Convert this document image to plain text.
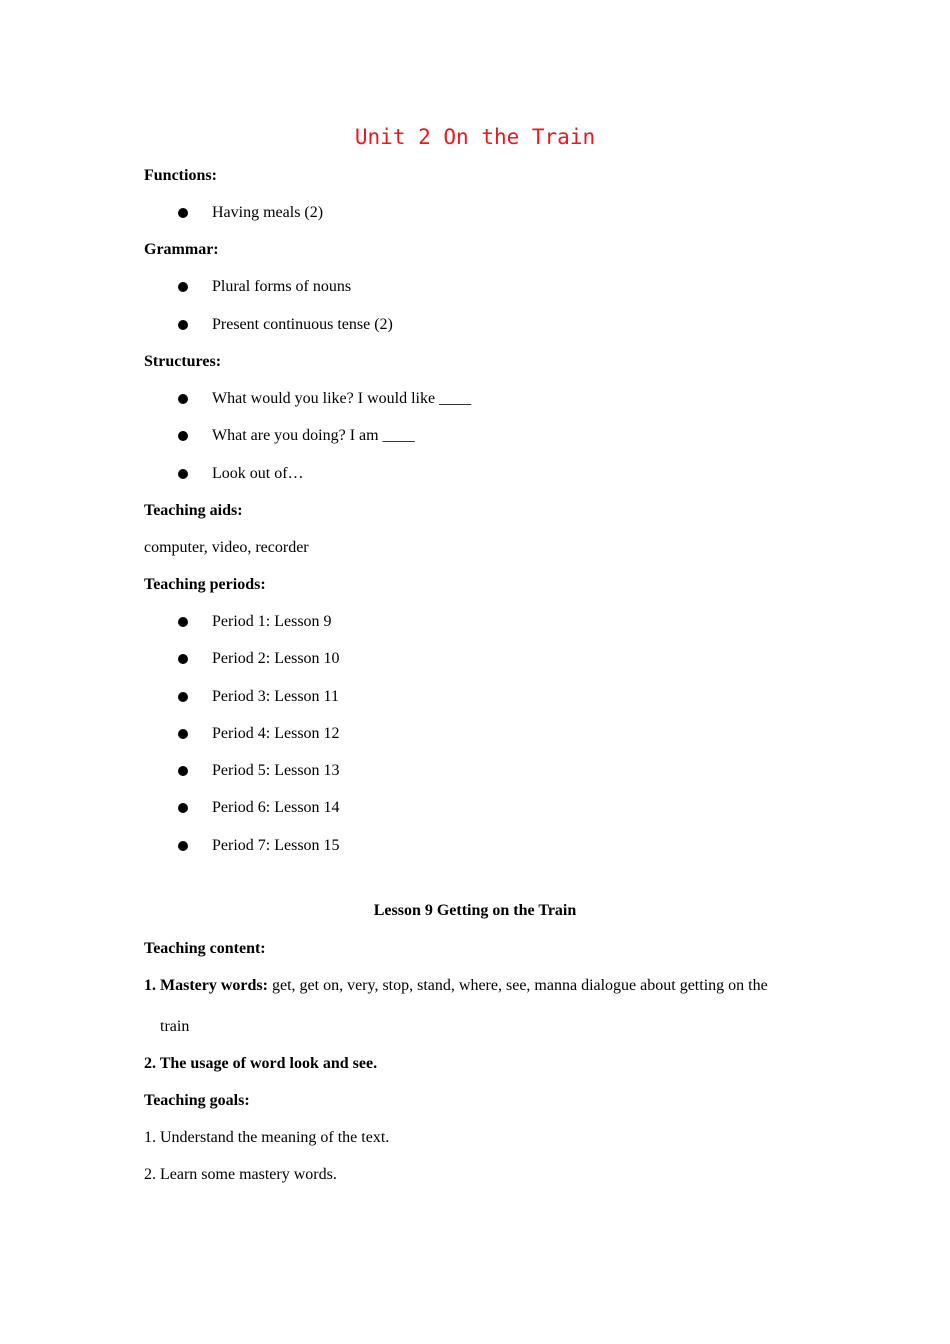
Unit 2 On the Train
Functions:
Having meals (2)
Grammar:
Plural forms of nouns
Present continuous tense (2)
Structures:
What would you like? I would like ____
What are you doing? I am ____
Look out of…
Teaching aids:
computer, video, recorder
Teaching periods:
Period 1: Lesson 9
Period 2: Lesson 10
Period 3: Lesson 11
Period 4: Lesson 12
Period 5: Lesson 13
Period 6: Lesson 14
Period 7: Lesson 15
Lesson 9 Getting on the Train
Teaching content:
1. Mastery words: get, get on, very, stop, stand, where, see, manna dialogue about getting on the
train
2. The usage of word look and see.
Teaching goals:
1. Understand the meaning of the text.
2. Learn some mastery words.
